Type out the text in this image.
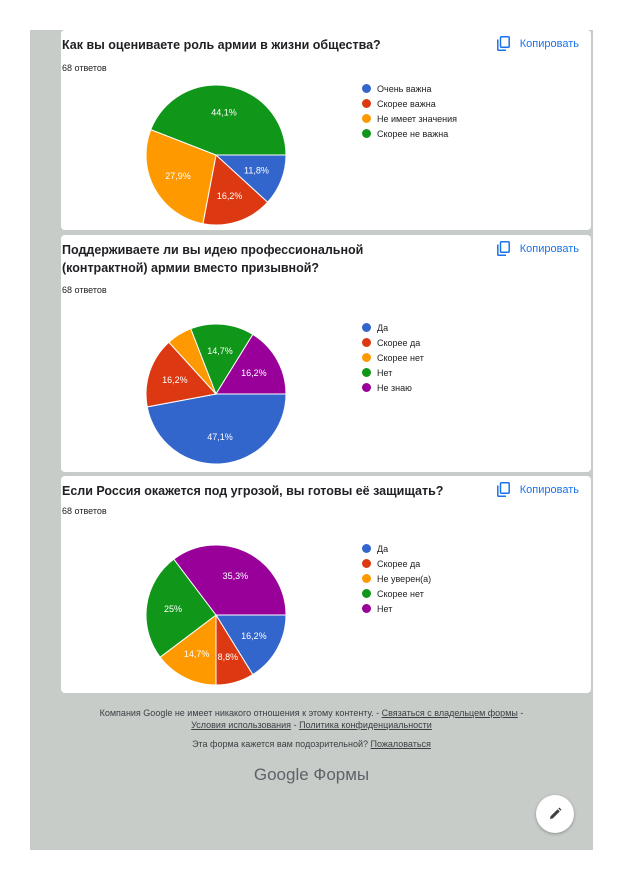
Как вы оцениваете роль армии в жизни общества?
68 ответов
Копировать
11,8%
16,2%
27,9%
44,1%
Очень важна
Скорее важна
Не имеет значения
Скорее не важна
Поддерживаете ли вы идею профессиональной (контрактной) армии вместо призывной?
68 ответов
Копировать
47,1%
16,2%
14,7%
16,2%
Да
Скорее да
Скорее нет
Нет
Не знаю
Если Россия окажется под угрозой, вы готовы её защищать?
68 ответов
Копировать
16,2%
8,8%
14,7%
25%
35,3%
Да
Скорее да
Не уверен(а)
Скорее нет
Нет
Компания Google не имеет никакого отношения к этому контенту. - Связаться с владельцем формы -
Условия использования - Политика конфиденциальности
Эта форма кажется вам подозрительной? Пожаловаться
Google Формы
